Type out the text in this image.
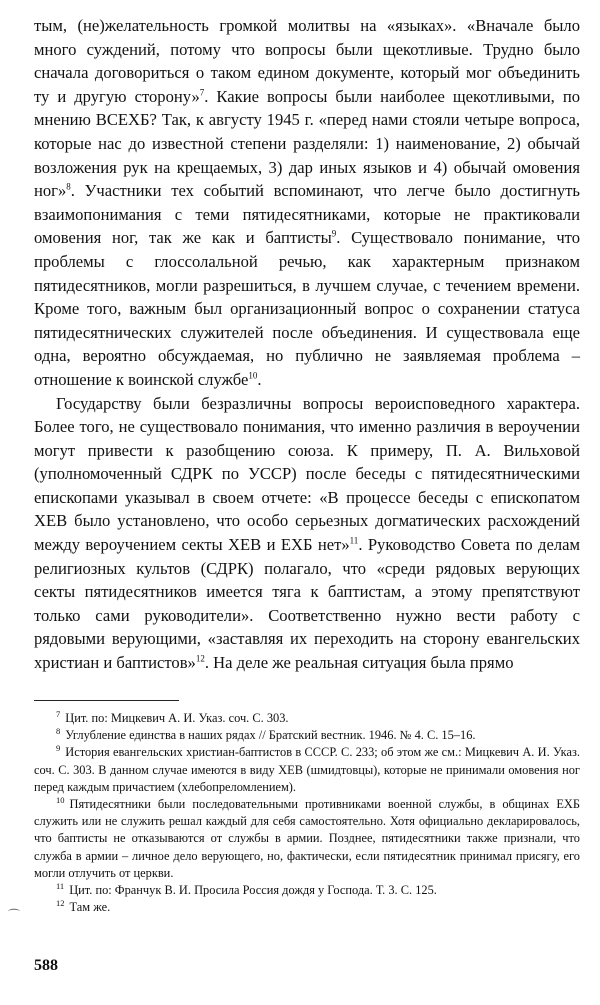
тым, (не)желательность громкой молитвы на «языках». «Вначале было много суждений, потому что вопросы были щекотливые. Трудно было сначала договориться о таком едином документе, который мог объединить ту и другую сторону»$^7$. Какие вопросы были наиболее щекотливыми, по мнению ВСЕХБ? Так, к августу 1945 г. «перед нами стояли четыре вопроса, которые нас до известной степени разделяли: 1) наименование, 2) обычай возложения рук на крещаемых, 3) дар иных языков и 4) обычай омовения ног»$^8$. Участники тех событий вспоминают, что легче было достигнуть взаимопонимания с теми пятидесятниками, которые не практиковали омовения ног, так же как и баптисты$^9$. Существовало понимание, что проблемы с глоссолальной речью, как характерным признаком пятидесятников, могли разрешиться, в лучшем случае, с течением времени. Кроме того, важным был организационный вопрос о сохранении статуса пятидесятнических служителей после объединения. И существовала еще одна, вероятно обсуждаемая, но публично не заявляемая проблема – отношение к воинской службе$^{10}$.

Государству были безразличны вопросы вероисповедного характера. Более того, не существовало понимания, что именно различия в вероучении могут привести к разобщению союза. К примеру, П. А. Вильховой (уполномоченный СДРК по УССР) после беседы с пятидесятническими епископами указывал в своем отчете: «В процессе беседы с епископатом ХЕВ было установлено, что особо серьезных догматических расхождений между вероучением секты ХЕВ и ЕХБ нет»$^{11}$. Руководство Совета по делам религиозных культов (СДРК) полагало, что «среди рядовых верующих секты пятидесятников имеется тяга к баптистам, а этому препятствуют только сами руководители». Соответственно нужно вести работу с рядовыми верующими, «заставляя их переходить на сторону евангельских христиан и баптистов»$^{12}$. На деле же реальная ситуация была прямо

$^7$ Цит. по: Мицкевич А. И. Указ. соч. С. 303.

$^8$ Углубление единства в наших рядах // Братский вестник. 1946. № 4. С. 15–16.

$^9$ История евангельских христиан-баптистов в СССР. С. 233; об этом же см.: Мицкевич А. И. Указ. соч. С. 303. В данном случае имеются в виду ХЕВ (шмидтовцы), которые не принимали омовения ног перед каждым причастием (хлебопреломлением).

$^{10}$ Пятидесятники были последовательными противниками военной службы, в общинах ЕХБ служить или не служить решал каждый для себя самостоятельно. Хотя официально декларировалось, что баптисты не отказываются от службы в армии. Позднее, пятидесятники также признали, что служба в армии – личное дело верующего, но, фактически, если пятидесятник принимал присягу, его могли отлучить от церкви.

$^{11}$ Цит. по: Франчук В. И. Просила Россия дождя у Господа. Т. 3. С. 125.

$^{12}$ Там же.

⌒
588
